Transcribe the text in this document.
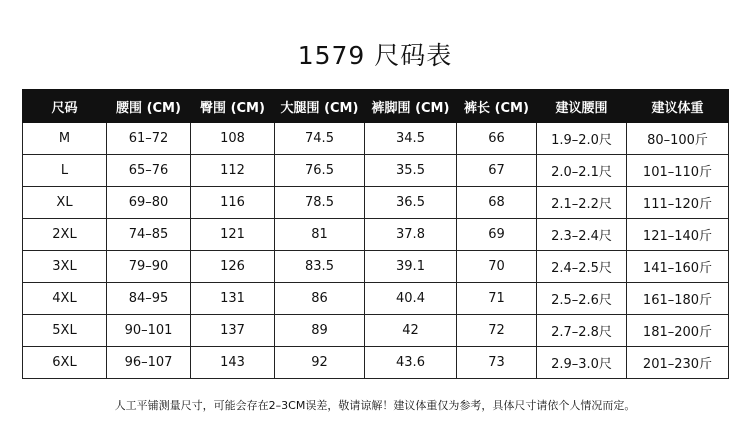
1579 尺码表
尺码	腰围 (CM)	臀围 (CM)	大腿围 (CM)	裤脚围 (CM)	裤长 (CM)	建议腰围	建议体重
M	61–72	108	74.5	34.5	66	1.9–2.0尺	80–100斤
L	65–76	112	76.5	35.5	67	2.0–2.1尺	101–110斤
XL	69–80	116	78.5	36.5	68	2.1–2.2尺	111–120斤
2XL	74–85	121	81	37.8	69	2.3–2.4尺	121–140斤
3XL	79–90	126	83.5	39.1	70	2.4–2.5尺	141–160斤
4XL	84–95	131	86	40.4	71	2.5–2.6尺	161–180斤
5XL	90–101	137	89	42	72	2.7–2.8尺	181–200斤
6XL	96–107	143	92	43.6	73	2.9–3.0尺	201–230斤
人工平铺测量尺寸，可能会存在2–3CM误差，敬请谅解！建议体重仅为参考，具体尺寸请依个人情况而定。
